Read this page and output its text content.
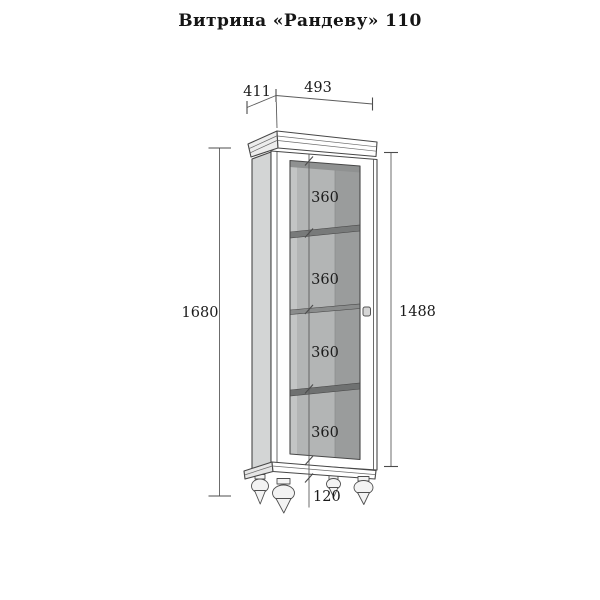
Витрина «Рандеву» 110
411 493
1680	1488
360
360
360
360
120
